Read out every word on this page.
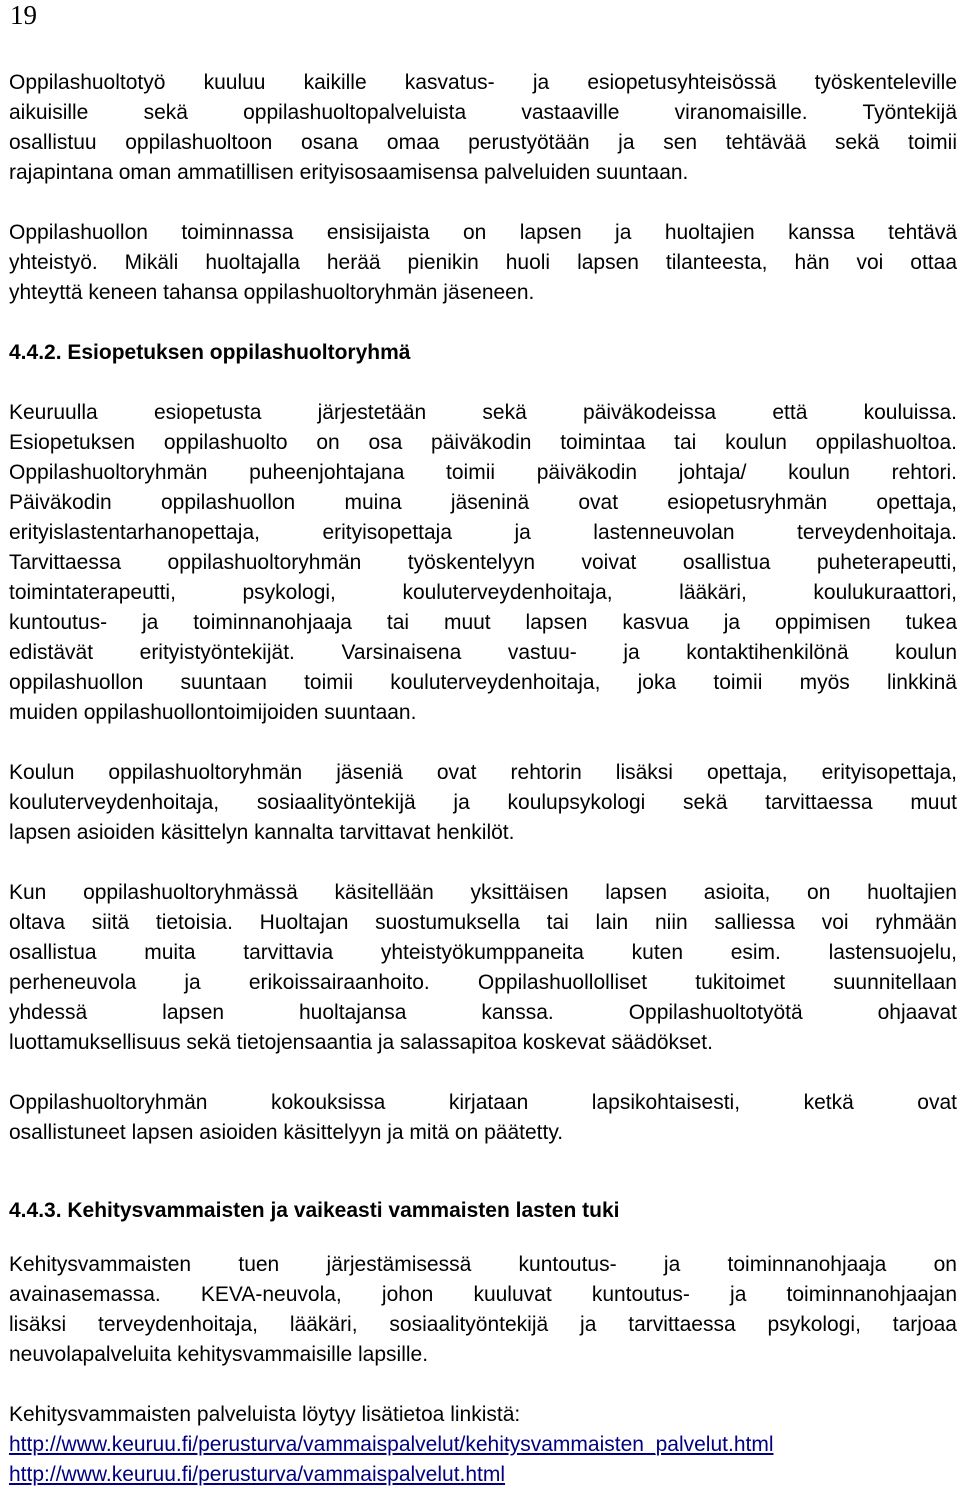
19

Oppilashuoltotyö kuuluu kaikille kasvatus- ja esiopetusyhteisössä työskenteleville
aikuisille sekä oppilashuoltopalveluista vastaaville viranomaisille. Työntekijä
osallistuu oppilashuoltoon osana omaa perustyötään ja sen tehtävää sekä toimii
rajapintana oman ammatillisen erityisosaamisensa palveluiden suuntaan.

Oppilashuollon toiminnassa ensisijaista on lapsen ja huoltajien kanssa tehtävä
yhteistyö. Mikäli huoltajalla herää pienikin huoli lapsen tilanteesta, hän voi ottaa
yhteyttä keneen tahansa oppilashuoltoryhmän jäseneen.

4.4.2. Esiopetuksen oppilashuoltoryhmä

Keuruulla esiopetusta järjestetään sekä päiväkodeissa että kouluissa.
Esiopetuksen oppilashuolto on osa päiväkodin toimintaa tai koulun oppilashuoltoa.
Oppilashuoltoryhmän puheenjohtajana toimii päiväkodin johtaja/ koulun rehtori.
Päiväkodin oppilashuollon muina jäseninä ovat esiopetusryhmän opettaja,
erityislastentarhanopettaja, erityisopettaja ja lastenneuvolan terveydenhoitaja.
Tarvittaessa oppilashuoltoryhmän työskentelyyn voivat osallistua puheterapeutti,
toimintaterapeutti, psykologi, kouluterveydenhoitaja, lääkäri, koulukuraattori,
kuntoutus- ja toiminnanohjaaja tai muut lapsen kasvua ja oppimisen tukea
edistävät erityistyöntekijät. Varsinaisena vastuu- ja kontaktihenkilönä koulun
oppilashuollon suuntaan toimii kouluterveydenhoitaja, joka toimii myös linkkinä
muiden oppilashuollontoimijoiden suuntaan.

Koulun oppilashuoltoryhmän jäseniä ovat rehtorin lisäksi opettaja, erityisopettaja,
kouluterveydenhoitaja, sosiaalityöntekijä ja koulupsykologi sekä tarvittaessa muut
lapsen asioiden käsittelyn kannalta tarvittavat henkilöt.

Kun oppilashuoltoryhmässä käsitellään yksittäisen lapsen asioita, on huoltajien
oltava siitä tietoisia. Huoltajan suostumuksella tai lain niin salliessa voi ryhmään
osallistua muita tarvittavia yhteistyökumppaneita kuten esim. lastensuojelu,
perheneuvola ja erikoissairaanhoito. Oppilashuollolliset tukitoimet suunnitellaan
yhdessä lapsen huoltajansa kanssa. Oppilashuoltotyötä ohjaavat
luottamuksellisuus sekä tietojensaantia ja salassapitoa koskevat säädökset.

Oppilashuoltoryhmän kokouksissa kirjataan lapsikohtaisesti, ketkä ovat
osallistuneet lapsen asioiden käsittelyyn ja mitä on päätetty.

4.4.3. Kehitysvammaisten ja vaikeasti vammaisten lasten tuki

Kehitysvammaisten tuen järjestämisessä kuntoutus- ja toiminnanohjaaja on
avainasemassa. KEVA-neuvola, johon kuuluvat kuntoutus- ja toiminnanohjaajan
lisäksi terveydenhoitaja, lääkäri, sosiaalityöntekijä ja tarvittaessa psykologi, tarjoaa
neuvolapalveluita kehitysvammaisille lapsille.

Kehitysvammaisten palveluista löytyy lisätietoa linkistä:

http://www.keuruu.fi/perusturva/vammaispalvelut/kehitysvammaisten_palvelut.html
http://www.keuruu.fi/perusturva/vammaispalvelut.html
